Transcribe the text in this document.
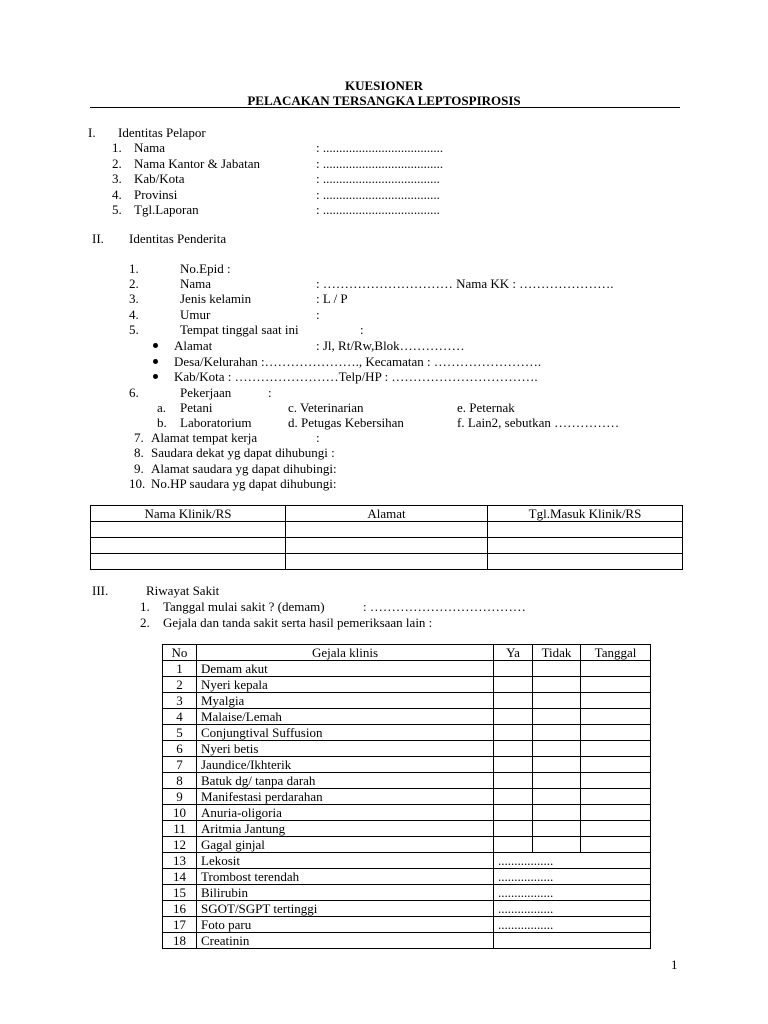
KUESIONER
PELACAKAN TERSANGKA LEPTOSPIROSIS
I. Identitas Pelapor
1. Nama	: .....................................
2. Nama Kantor & Jabatan	: .....................................
3. Kab/Kota	: ....................................
4. Provinsi	: ....................................
5. Tgl.Laporan	: ....................................
II. Identitas Penderita
1.	No.Epid :
2.	Nama	: ………………………… Nama KK : ………………….
3.	Jenis kelamin	: L / P
4.	Umur	:
5.	Tempat tinggal saat ini	:
Alamat	: Jl, Rt/Rw,Blok……………
Desa/Kelurahan :…………………., Kecamatan : …………………….
Kab/Kota : ……………………Telp/HP : …………………………….
6.	Pekerjaan	:
a. Petani	c. Veterinarian	e. Peternak
b. Laboratorium	d. Petugas Kebersihan	f. Lain2, sebutkan ……………
7. Alamat tempat kerja	:
8. Saudara dekat yg dapat dihubungi :
9. Alamat saudara yg dapat dihubingi:
10. No.HP saudara yg dapat dihubungi:
Nama Klinik/RS	Alamat	Tgl.Masuk Klinik/RS

III.	Riwayat Sakit
1. Tanggal mulai sakit ? (demam)	: ………………………………
2. Gejala dan tanda sakit serta hasil pemeriksaan lain :
No	Gejala klinis	Ya	Tidak	Tanggal
1	Demam akut			
2	Nyeri kepala			
3	Myalgia			
4	Malaise/Lemah			
5	Conjungtival Suffusion			
6	Nyeri betis			
7	Jaundice/Ikhterik			
8	Batuk dg/ tanpa darah			
9	Manifestasi perdarahan			
10	Anuria-oligoria			
11	Aritmia Jantung			
12	Gagal ginjal			
13	Lekosit	.................		
14	Trombost terendah	.................		
15	Bilirubin	.................		
16	SGOT/SGPT tertinggi	.................		
17	Foto paru	.................		
18	Creatinin			
1
